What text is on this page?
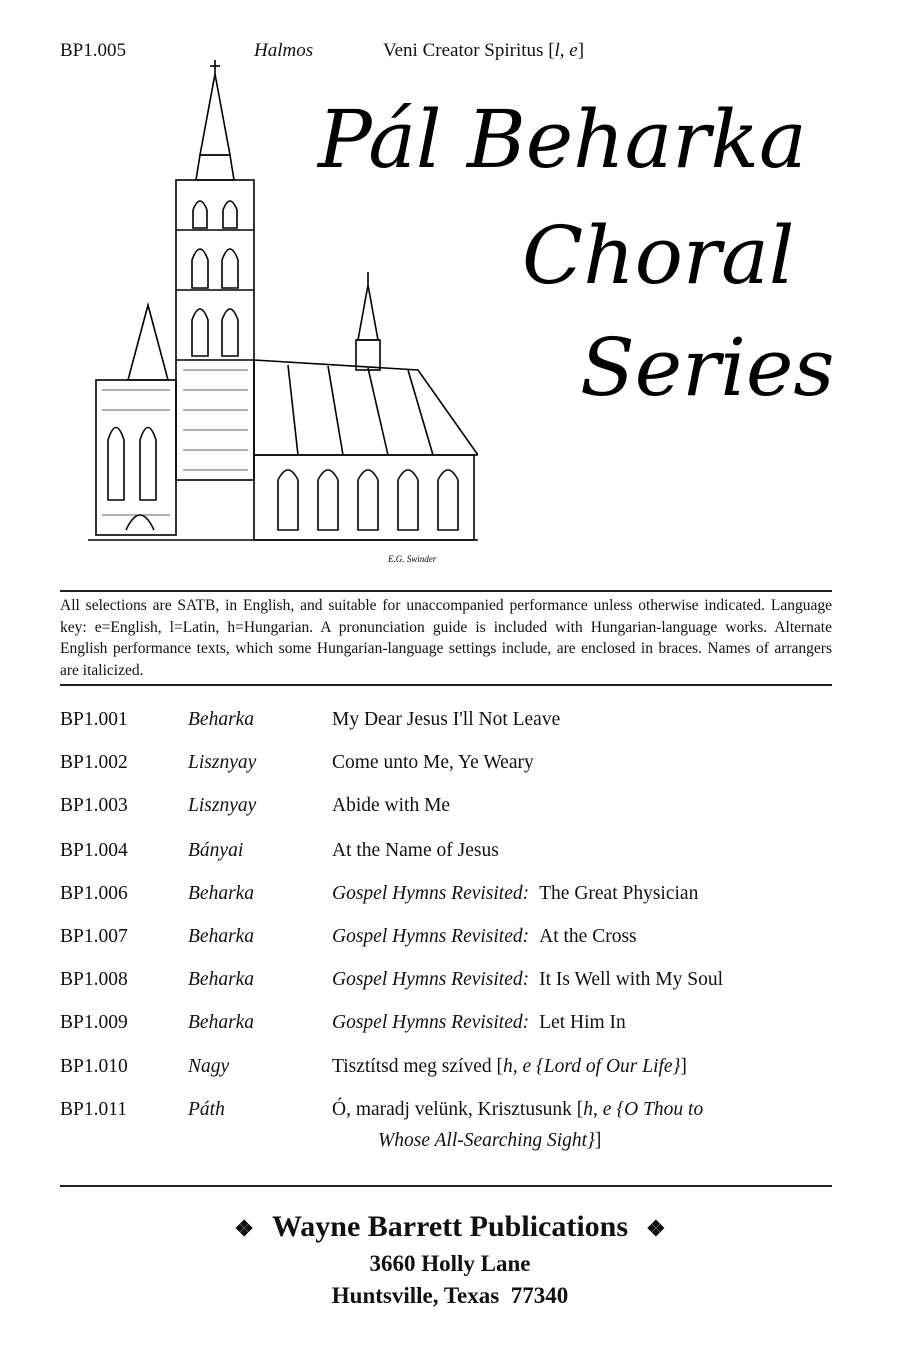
BP1.005	Halmos	Veni Creator Spiritus [l, e]
E.G. Swinder
Pál Beharka
Choral
Series
All selections are SATB, in English, and suitable for unaccompanied performance unless otherwise indicated. Language key: e=English, l=Latin, h=Hungarian. A pronunciation guide is included with Hungarian-language works. Alternate English performance texts, which some Hungarian-language settings include, are enclosed in braces. Names of arrangers are italicized.
BP1.001	Beharka	My Dear Jesus I'll Not Leave
BP1.002	Lisznyay	Come unto Me, Ye Weary
BP1.003	Lisznyay	Abide with Me
BP1.004	Bányai	At the Name of Jesus
BP1.006	Beharka	Gospel Hymns Revisited: The Great Physician
BP1.007	Beharka	Gospel Hymns Revisited: At the Cross
BP1.008	Beharka	Gospel Hymns Revisited: It Is Well with My Soul
BP1.009	Beharka	Gospel Hymns Revisited: Let Him In
BP1.010	Nagy	Tisztítsd meg szíved [h, e {Lord of Our Life}]
BP1.011	Páth	Ó, maradj velünk, Krisztusunk [h, e {O Thou to
Whose All-Searching Sight}]
❖ Wayne Barrett Publications ❖
3660 Holly Lane
Huntsville, Texas  77340
